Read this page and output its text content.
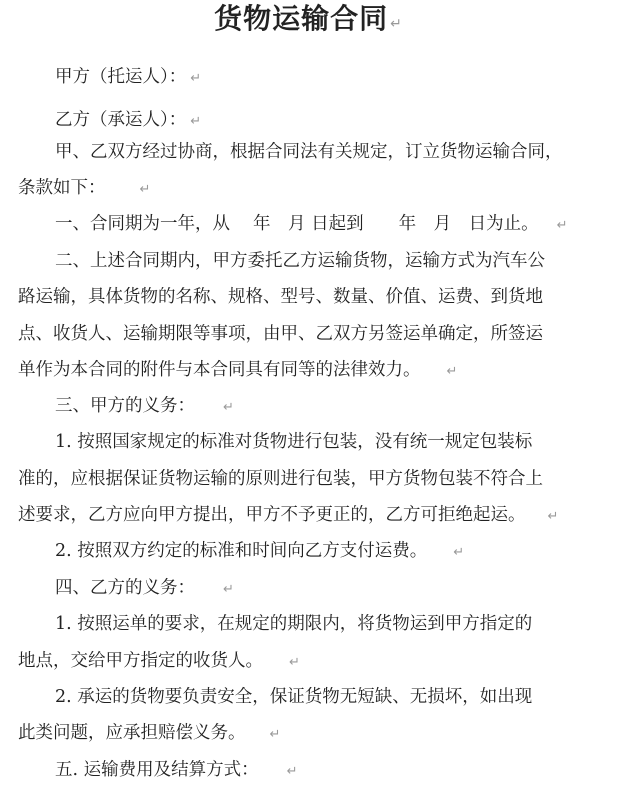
货物运输合同 ↵
甲方（托运人）： ↵
乙方（承运人）： ↵
甲、乙双方经过协商，根据合同法有关规定，订立货物运输合同，
条款如下：	↵
一、合同期为一年，从　 年　月 日起到　　年　月　日为止。 ↵
二、上述合同期内，甲方委托乙方运输货物，运输方式为汽车公
路运输，具体货物的名称、规格、型号、数量、价值、运费、到货地
点、收货人、运输期限等事项，由甲、乙双方另签运单确定，所签运
单作为本合同的附件与本合同具有同等的法律效力。 ↵
三、甲方的义务： ↵
1. 按照国家规定的标准对货物进行包装，没有统一规定包装标
准的，应根据保证货物运输的原则进行包装，甲方货物包装不符合上
述要求，乙方应向甲方提出，甲方不予更正的，乙方可拒绝起运。 ↵
2. 按照双方约定的标准和时间向乙方支付运费。 ↵
四、乙方的义务： ↵
1. 按照运单的要求，在规定的期限内，将货物运到甲方指定的
地点，交给甲方指定的收货人。 ↵
2. 承运的货物要负责安全，保证货物无短缺、无损坏，如出现
此类问题，应承担赔偿义务。 ↵
五. 运输费用及结算方式： ↵
